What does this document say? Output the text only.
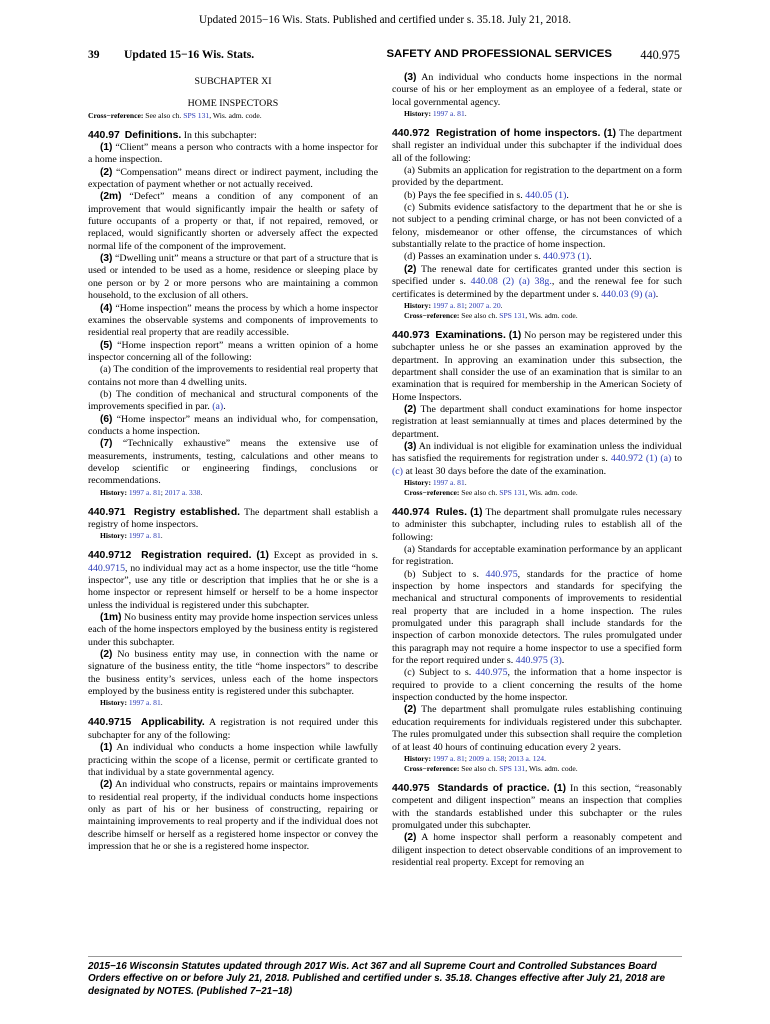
Updated 2015−16 Wis. Stats. Published and certified under s. 35.18. July 21, 2018.
39 Updated 15−16 Wis. Stats.	SAFETY AND PROFESSIONAL SERVICES 440.975

SUBCHAPTER XI

HOME INSPECTORS

Cross−reference: See also ch. SPS 131, Wis. adm. code.

440.97 Definitions. In this subchapter:

(1) “Client” means a person who contracts with a home inspector for a home inspection.

(2) “Compensation” means direct or indirect payment, including the expectation of payment whether or not actually received.

(2m) “Defect” means a condition of any component of an improvement that would significantly impair the health or safety of future occupants of a property or that, if not repaired, removed, or replaced, would significantly shorten or adversely affect the expected normal life of the component of the improvement.

(3) “Dwelling unit” means a structure or that part of a structure that is used or intended to be used as a home, residence or sleeping place by one person or by 2 or more persons who are maintaining a common household, to the exclusion of all others.

(4) “Home inspection” means the process by which a home inspector examines the observable systems and components of improvements to residential real property that are readily accessible.

(5) “Home inspection report” means a written opinion of a home inspector concerning all of the following:

(a) The condition of the improvements to residential real property that contains not more than 4 dwelling units.

(b) The condition of mechanical and structural components of the improvements specified in par. (a).

(6) “Home inspector” means an individual who, for compensation, conducts a home inspection.

(7) “Technically exhaustive” means the extensive use of measurements, instruments, testing, calculations and other means to develop scientific or engineering findings, conclusions or recommendations.

History: 1997 a. 81; 2017 a. 338.

440.971 Registry established. The department shall establish a registry of home inspectors.

History: 1997 a. 81.

440.9712 Registration required. (1) Except as provided in s. 440.9715, no individual may act as a home inspector, use the title “home inspector”, use any title or description that implies that he or she is a home inspector or represent himself or herself to be a home inspector unless the individual is registered under this subchapter.

(1m) No business entity may provide home inspection services unless each of the home inspectors employed by the business entity is registered under this subchapter.

(2) No business entity may use, in connection with the name or signature of the business entity, the title “home inspectors” to describe the business entity’s services, unless each of the home inspectors employed by the business entity is registered under this subchapter.

History: 1997 a. 81.

440.9715 Applicability. A registration is not required under this subchapter for any of the following:

(1) An individual who conducts a home inspection while lawfully practicing within the scope of a license, permit or certificate granted to that individual by a state governmental agency.

(2) An individual who constructs, repairs or maintains improvements to residential real property, if the individual conducts home inspections only as part of his or her business of constructing, repairing or maintaining improvements to real property and if the individual does not describe himself or herself as a registered home inspector or convey the impression that he or she is a registered home inspector.

(3) An individual who conducts home inspections in the normal course of his or her employment as an employee of a federal, state or local governmental agency.

History: 1997 a. 81.

440.972 Registration of home inspectors. (1) The department shall register an individual under this subchapter if the individual does all of the following:

(a) Submits an application for registration to the department on a form provided by the department.

(b) Pays the fee specified in s. 440.05 (1).

(c) Submits evidence satisfactory to the department that he or she is not subject to a pending criminal charge, or has not been convicted of a felony, misdemeanor or other offense, the circumstances of which substantially relate to the practice of home inspection.

(d) Passes an examination under s. 440.973 (1).

(2) The renewal date for certificates granted under this section is specified under s. 440.08 (2) (a) 38g., and the renewal fee for such certificates is determined by the department under s. 440.03 (9) (a).

History: 1997 a. 81; 2007 a. 20.

Cross−reference: See also ch. SPS 131, Wis. adm. code.

440.973 Examinations. (1) No person may be registered under this subchapter unless he or she passes an examination approved by the department. In approving an examination under this subsection, the department shall consider the use of an examination that is similar to an examination that is required for membership in the American Society of Home Inspectors.

(2) The department shall conduct examinations for home inspector registration at least semiannually at times and places determined by the department.

(3) An individual is not eligible for examination unless the individual has satisfied the requirements for registration under s. 440.972 (1) (a) to (c) at least 30 days before the date of the examination.

History: 1997 a. 81.

Cross−reference: See also ch. SPS 131, Wis. adm. code.

440.974 Rules. (1) The department shall promulgate rules necessary to administer this subchapter, including rules to establish all of the following:

(a) Standards for acceptable examination performance by an applicant for registration.

(b) Subject to s. 440.975, standards for the practice of home inspection by home inspectors and standards for specifying the mechanical and structural components of improvements to residential real property that are included in a home inspection. The rules promulgated under this paragraph shall include standards for the inspection of carbon monoxide detectors. The rules promulgated under this paragraph may not require a home inspector to use a specified form for the report required under s. 440.975 (3).

(c) Subject to s. 440.975, the information that a home inspector is required to provide to a client concerning the results of the home inspection conducted by the home inspector.

(2) The department shall promulgate rules establishing continuing education requirements for individuals registered under this subchapter. The rules promulgated under this subsection shall require the completion of at least 40 hours of continuing education every 2 years.

History: 1997 a. 81; 2009 a. 158; 2013 a. 124.

Cross−reference: See also ch. SPS 131, Wis. adm. code.

440.975 Standards of practice. (1) In this section, “reasonably competent and diligent inspection” means an inspection that complies with the standards established under this subchapter or the rules promulgated under this subchapter.

(2) A home inspector shall perform a reasonably competent and diligent inspection to detect observable conditions of an improvement to residential real property. Except for removing an

2015−16 Wisconsin Statutes updated through 2017 Wis. Act 367 and all Supreme Court and Controlled Substances Board
Orders effective on or before July 21, 2018. Published and certified under s. 35.18. Changes effective after July 21, 2018 are
designated by NOTES. (Published 7−21−18)
